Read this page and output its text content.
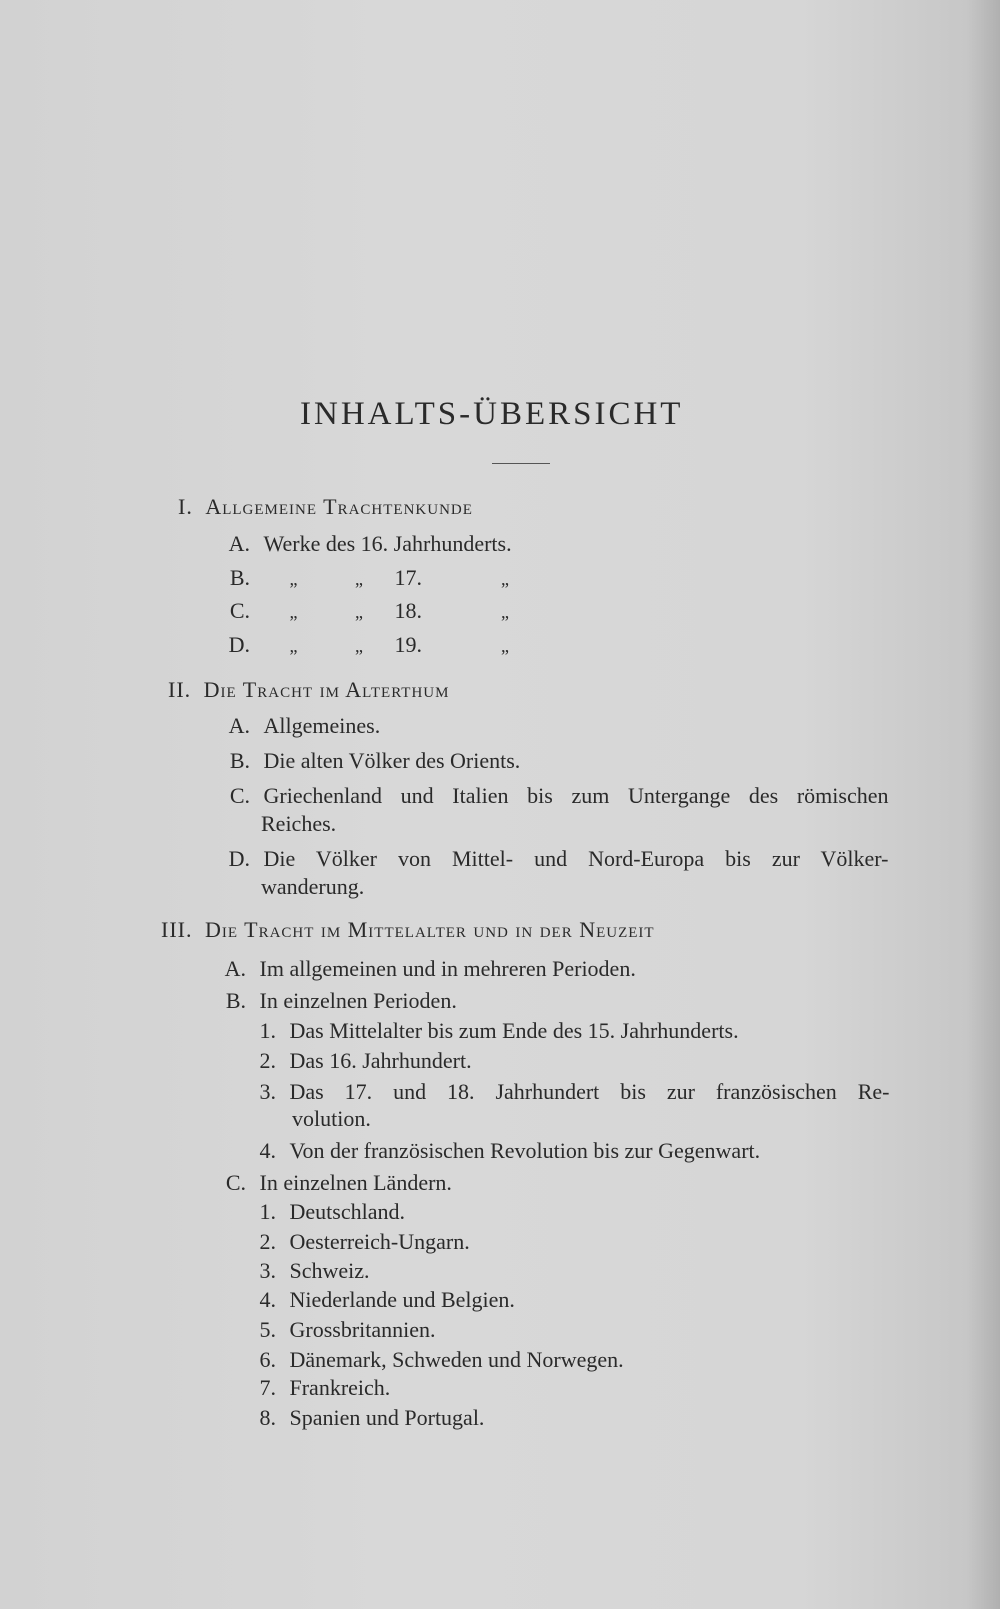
INHALTS-ÜBERSICHT
I. Allgemeine Trachtenkunde
A. Werke des 16. Jahrhunderts.
B. „	„ 17.	„
C. „	„ 18.	„
D. „	„ 19.	„
II. Die Tracht im Alterthum
A. Allgemeines.
B. Die alten Völker des Orients.
C. Griechenland und Italien bis zum Untergange des römischen
Reiches.
D. Die Völker von Mittel- und Nord-Europa bis zur Völker-
wanderung.
III. Die Tracht im Mittelalter und in der Neuzeit
A. Im allgemeinen und in mehreren Perioden.
B. In einzelnen Perioden.
1. Das Mittelalter bis zum Ende des 15. Jahrhunderts.
2. Das 16. Jahrhundert.
3. Das 17. und 18. Jahrhundert bis zur französischen Re-
volution.
4. Von der französischen Revolution bis zur Gegenwart.
C. In einzelnen Ländern.
1. Deutschland.
2. Oesterreich-Ungarn.
3. Schweiz.
4. Niederlande und Belgien.
5. Grossbritannien.
6. Dänemark, Schweden und Norwegen.
7. Frankreich.
8. Spanien und Portugal.
